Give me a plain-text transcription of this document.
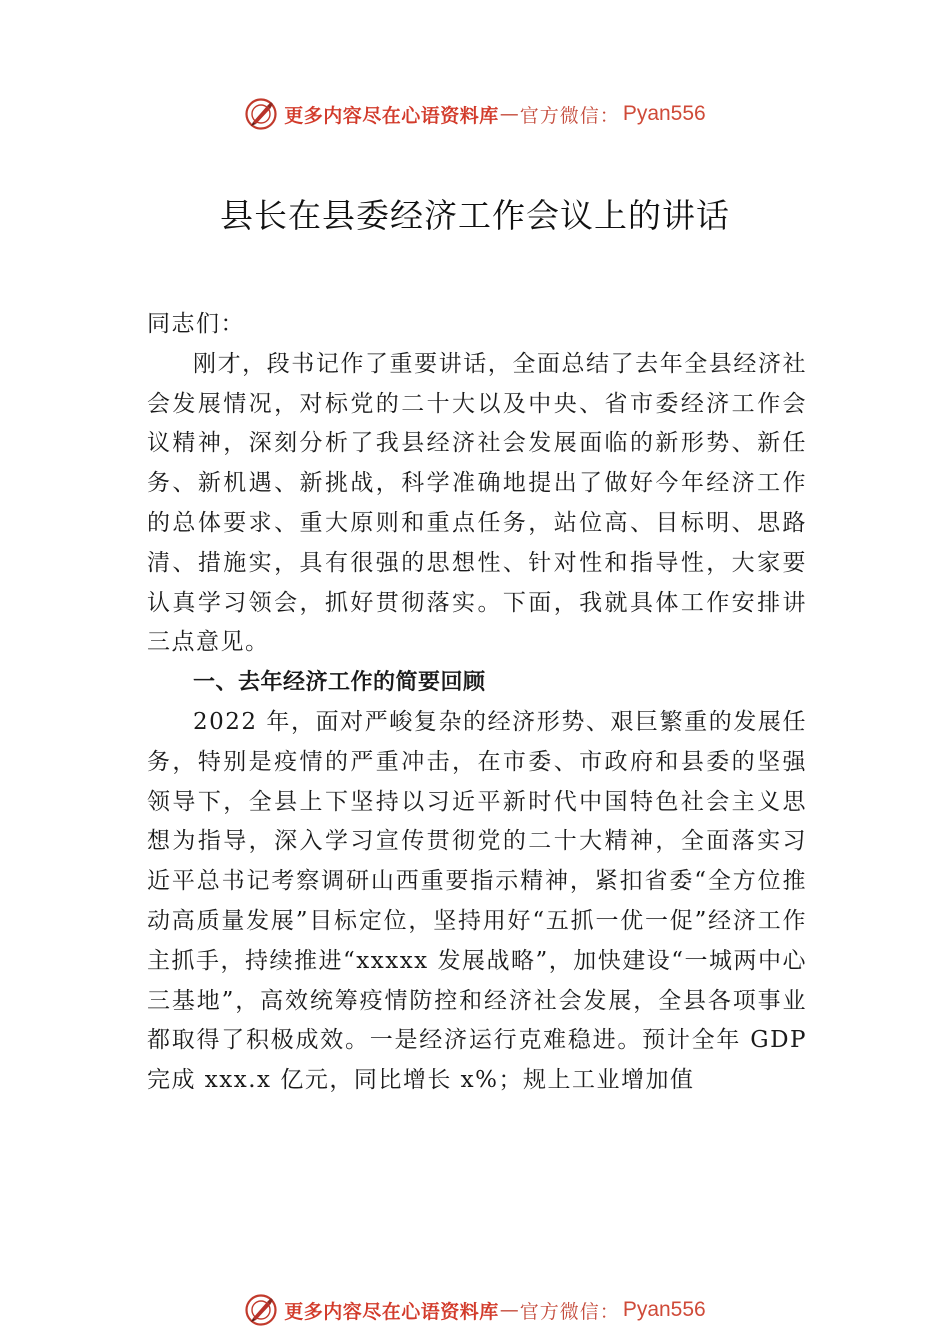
更多内容尽在心语资料库 — 官方微信 ： Pyan556
县长在县委经济工作会议上的讲话

同志们：

刚才，段书记作了重要讲话，全面总结了去年全县经济社会发展情况，对标党的二十大以及中央、省市委经济工作会议精神，深刻分析了我县经济社会发展面临的新形势、新任务、新机遇、新挑战，科学准确地提出了做好今年经济工作的总体要求、重大原则和重点任务，站位高、目标明、思路清、措施实，具有很强的思想性、针对性和指导性，大家要认真学习领会，抓好贯彻落实。下面，我就具体工作安排讲三点意见。

一、去年经济工作的简要回顾

2022 年，面对严峻复杂的经济形势、艰巨繁重的发展任务，特别是疫情的严重冲击，在市委、市政府和县委的坚强领导下，全县上下坚持以习近平新时代中国特色社会主义思想为指导，深入学习宣传贯彻党的二十大精神，全面落实习近平总书记考察调研山西重要指示精神，紧扣省委“全方位推动高质量发展”目标定位，坚持用好“五抓一优一促”经济工作主抓手，持续推进“xxxxx 发展战略”，加快建设“一城两中心三基地”，高效统筹疫情防控和经济社会发展，全县各项事业都取得了积极成效。一是经济运行克难稳进。预计全年 GDP 完成 xxx.x 亿元，同比增长 x%；规上工业增加值

更多内容尽在心语资料库 — 官方微信 ： Pyan556
